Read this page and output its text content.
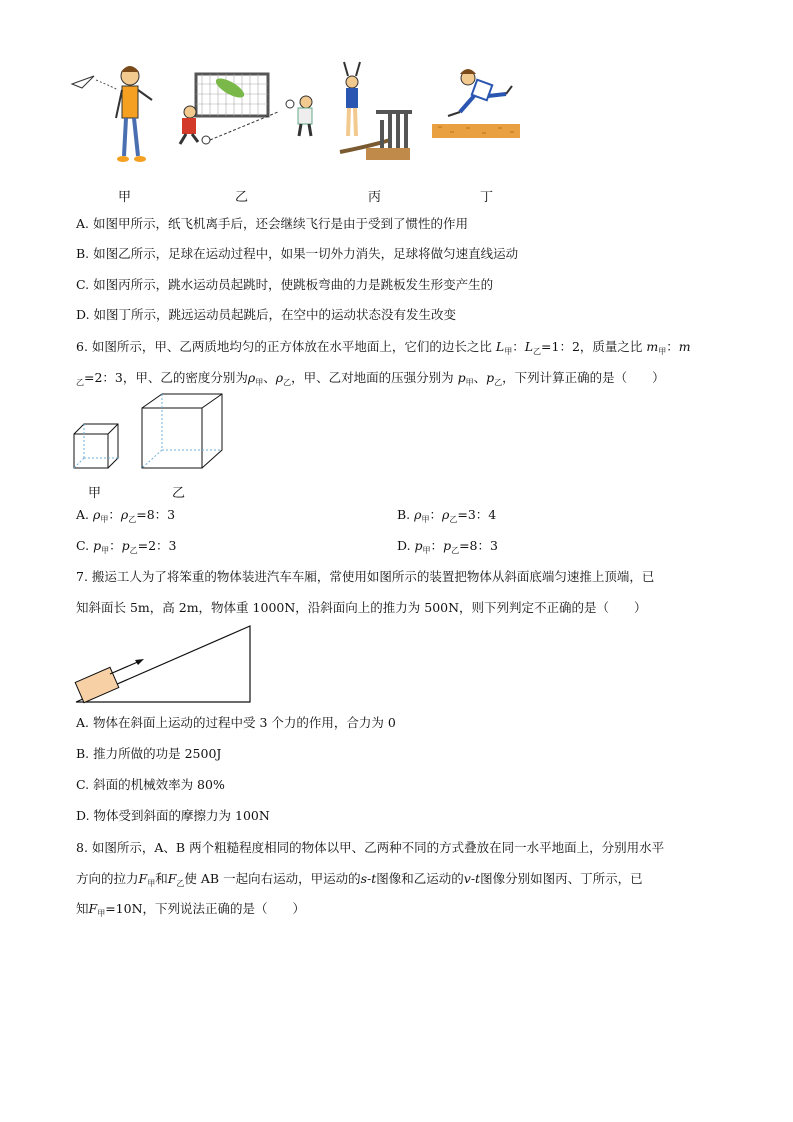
甲	乙	丙	丁
A. 如图甲所示，纸飞机离手后，还会继续飞行是由于受到了惯性的作用
B. 如图乙所示，足球在运动过程中，如果一切外力消失，足球将做匀速直线运动
C. 如图丙所示，跳水运动员起跳时，使跳板弯曲的力是跳板发生形变产生的
D. 如图丁所示，跳远运动员起跳后，在空中的运动状态没有发生改变
6. 如图所示，甲、乙两质地均匀的正方体放在水平地面上，它们的边长之比 $L_甲$：$L_乙=1$：2，质量之比 $m_甲$：m
$_乙$=2：3，甲、乙的密度分别为$\rho_甲$、$\rho_乙$，甲、乙对地面的压强分别为 $p_甲$、$p_乙$，下列计算正确的是（　　）
甲	乙
A. $\rho_甲$：$\rho_乙=8$：3	B. $\rho_甲$：$\rho_乙=3$：4
C. $p_甲$：$p_乙=2$：3	D. $p_甲$：$p_乙=8$：3
7. 搬运工人为了将笨重的物体装进汽车车厢，常使用如图所示的装置把物体从斜面底端匀速推上顶端，已
知斜面长 5m，高 2m，物体重 1000N，沿斜面向上的推力为 500N，则下列判定不正确的是（　　）
A. 物体在斜面上运动的过程中受 3 个力的作用，合力为 0
B. 推力所做的功是 2500J
C. 斜面的机械效率为 80%
D. 物体受到斜面的摩擦力为 100N
8. 如图所示，A、B 两个粗糙程度相同的物体以甲、乙两种不同的方式叠放在同一水平地面上，分别用水平
方向的拉力$F_甲$和$F_乙$使 AB 一起向右运动，甲运动的s-t图像和乙运动的v-t图像分别如图丙、丁所示，已
知$F_甲=10N$，下列说法正确的是（　　）
